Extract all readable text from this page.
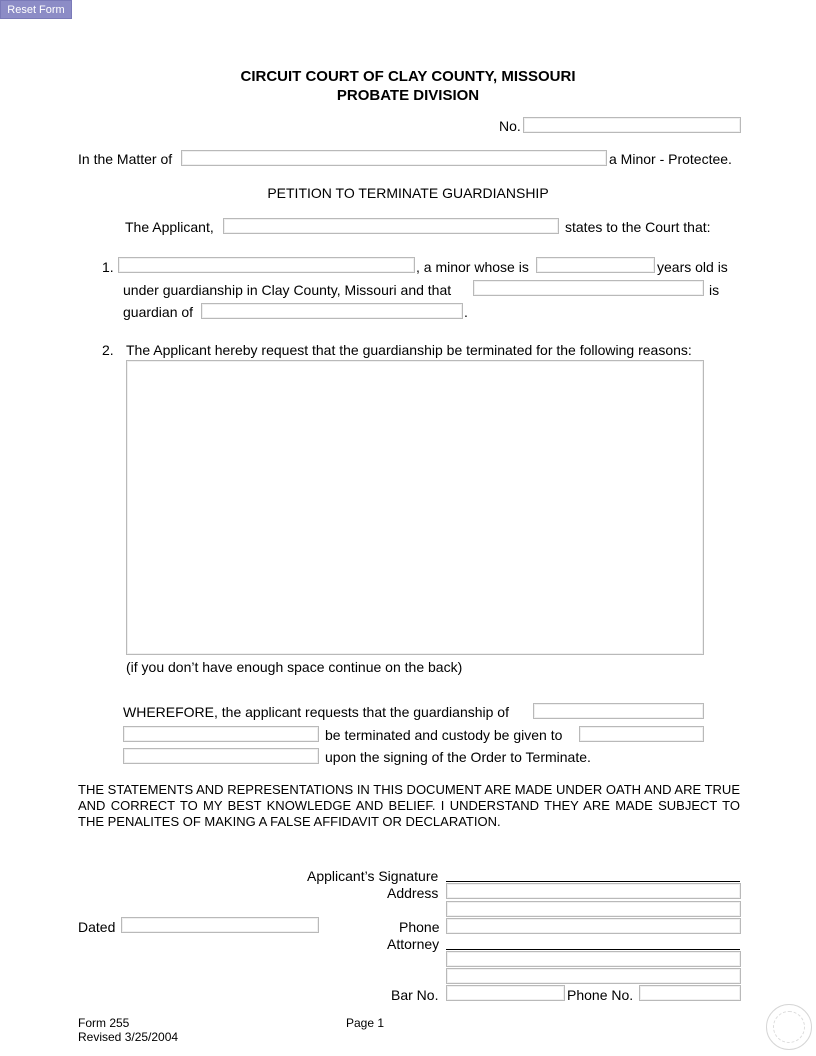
Reset Form
CIRCUIT COURT OF CLAY COUNTY, MISSOURI
PROBATE DIVISION
No.
In the Matter of	a Minor - Protectee.
PETITION TO TERMINATE GUARDIANSHIP
The Applicant,	states to the Court that:
1.	, a minor whose is	years old is
under guardianship in Clay County, Missouri and that	is
guardian of	.
2. The Applicant hereby request that the guardianship be terminated for the following reasons:
(if you don’t have enough space continue on the back)
WHEREFORE, the applicant requests that the guardianship of
be terminated and custody be given to
upon the signing of the Order to Terminate.
THE STATEMENTS AND REPRESENTATIONS IN THIS DOCUMENT ARE MADE UNDER OATH AND ARE TRUE AND CORRECT TO MY BEST KNOWLEDGE AND BELIEF. I UNDERSTAND THEY ARE MADE SUBJECT TO THE PENALITES OF MAKING A FALSE AFFIDAVIT OR DECLARATION.
Applicant’s Signature
Address
Dated	Phone
Attorney
Bar No.	Phone No.
Form 255
Revised 3/25/2004
Page 1
